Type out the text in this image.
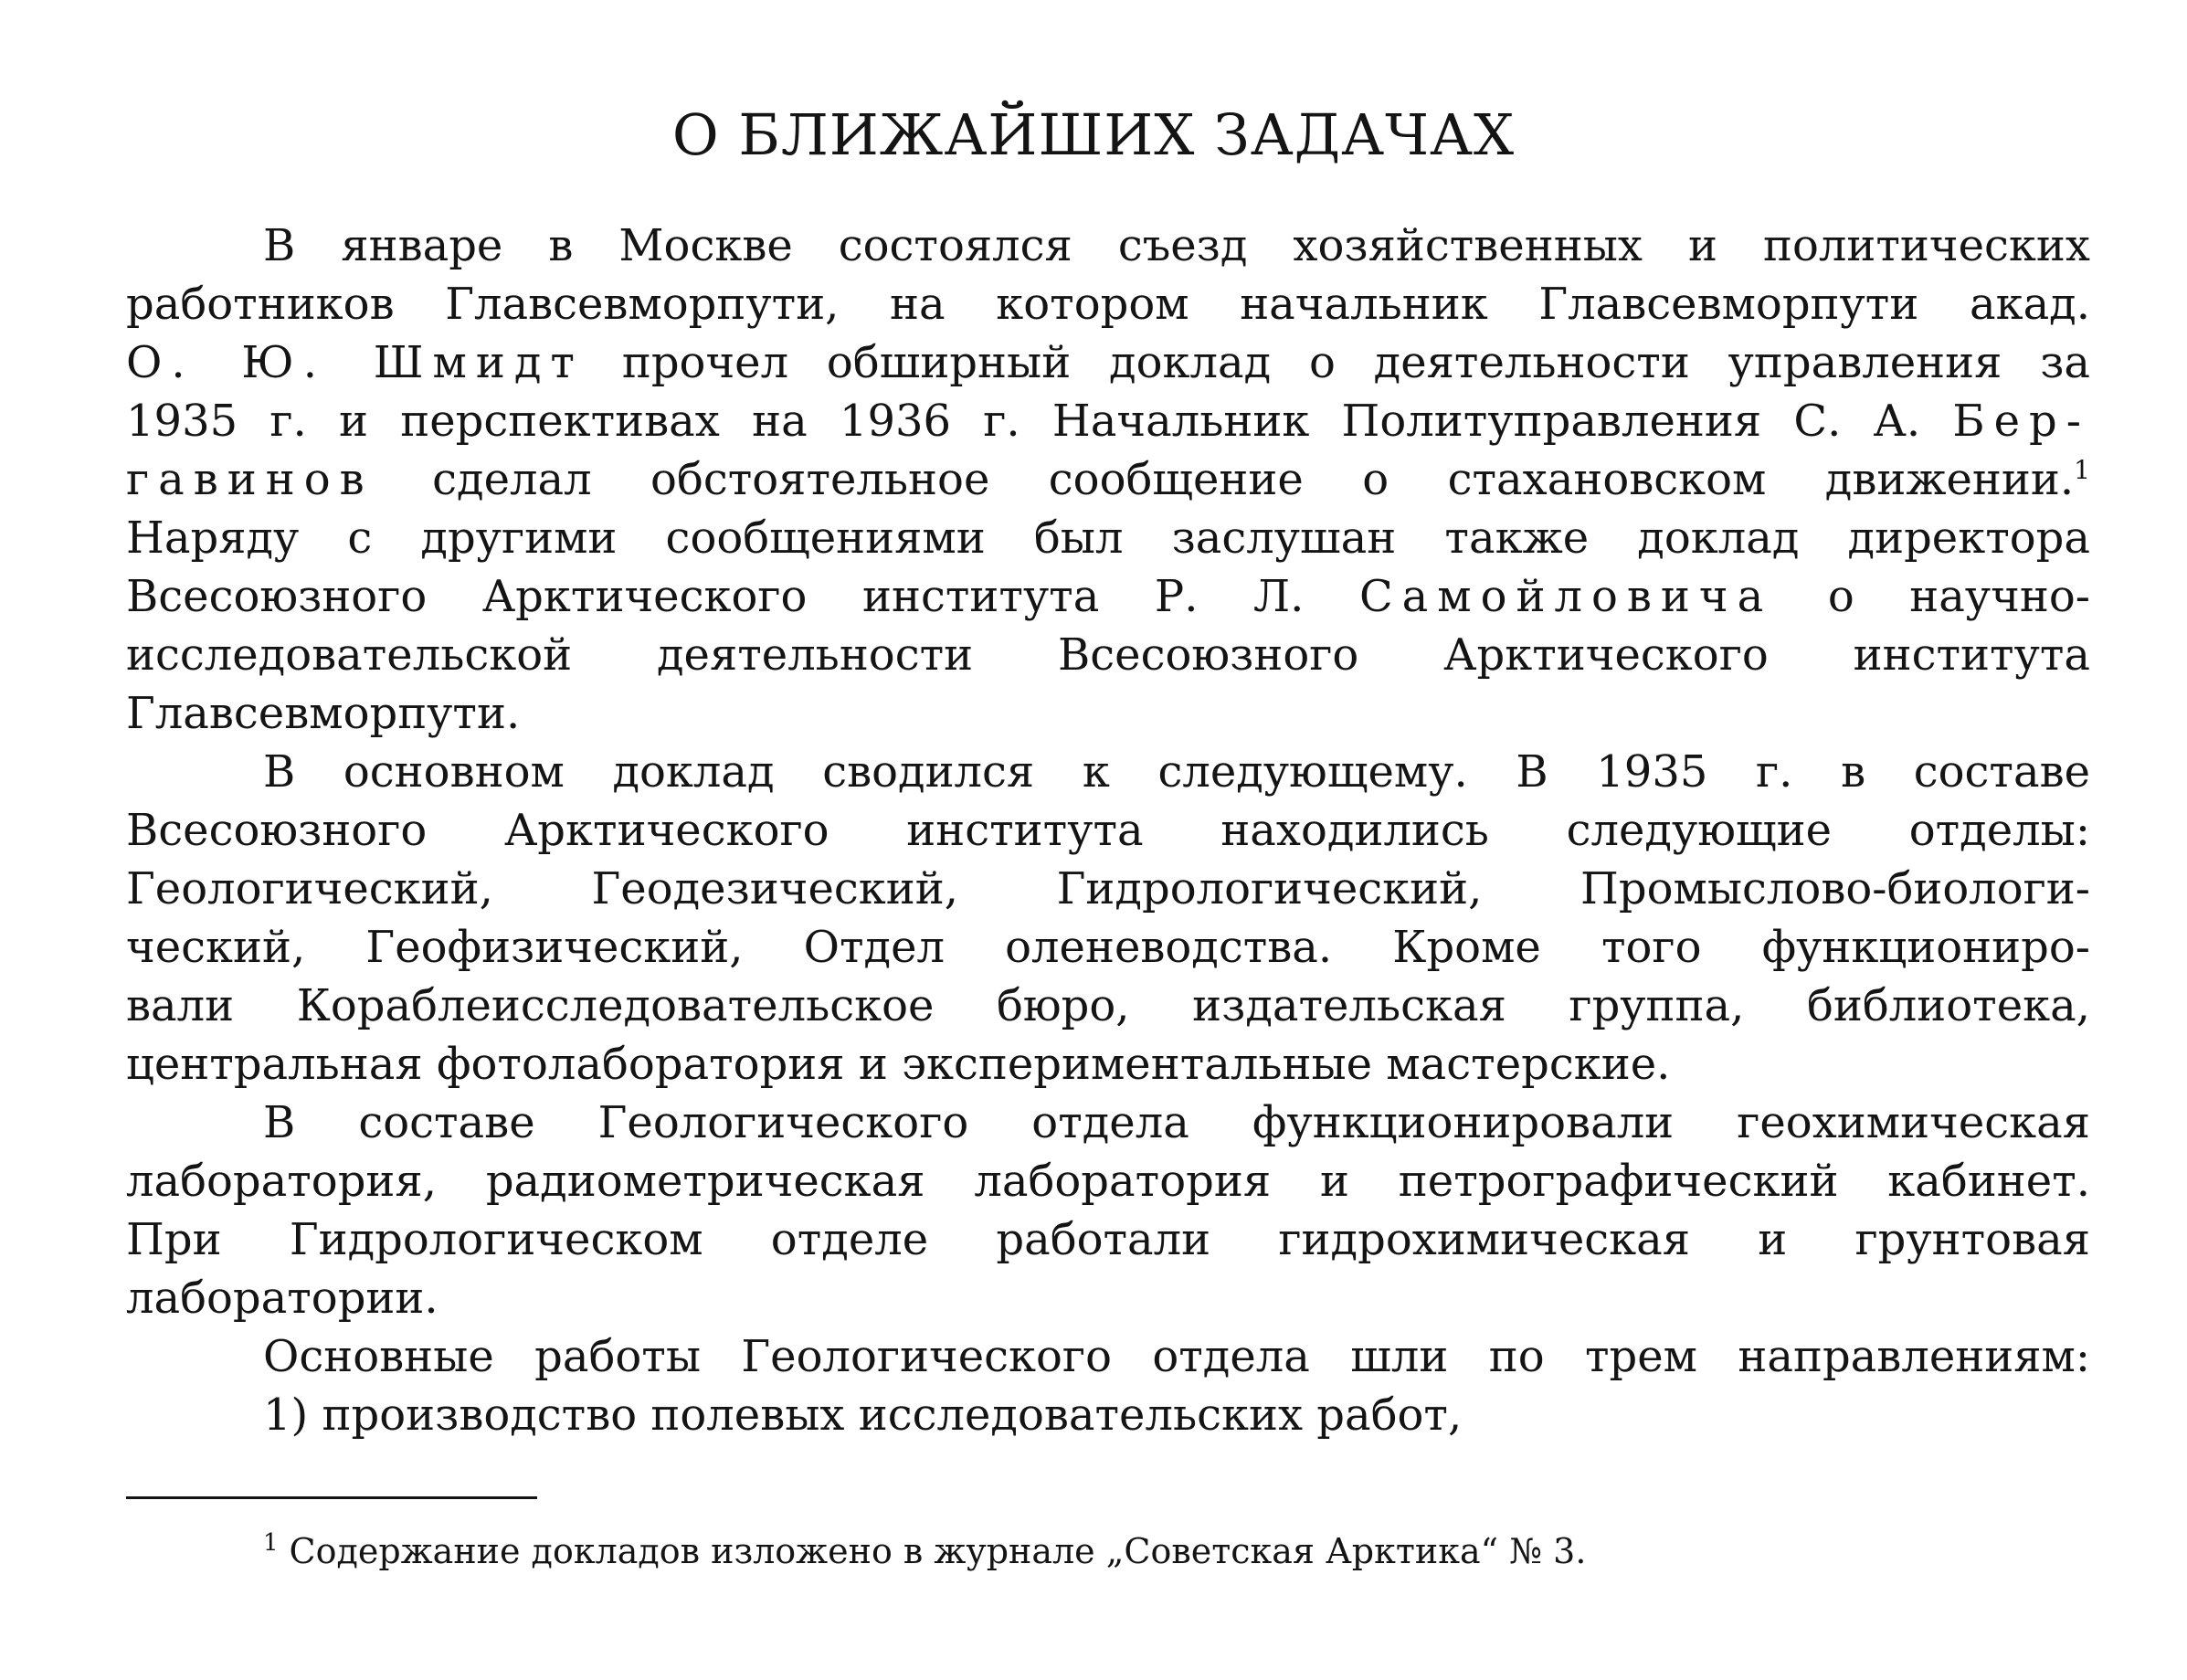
О БЛИЖАЙШИХ ЗАДАЧАХ
В январе в Москве состоялся съезд хозяйственных и политических
работников Главсевморпути, на котором начальник Главсевморпути акад.
О. Ю. Шмидт прочел обширный доклад о деятельности управления за
1935 г. и перспективах на 1936 г. Начальник Политуправления С. А. Бер-
гавинов сделал обстоятельное сообщение о стахановском движении.$^1$
Наряду с другими сообщениями был заслушан также доклад директора
Всесоюзного Арктического института Р. Л. Самойловича о научно-
исследовательской деятельности Всесоюзного Арктического института
Главсевморпути.
В основном доклад сводился к следующему. В 1935 г. в составе
Всесоюзного Арктического института находились следующие отделы:
Геологический, Геодезический, Гидрологический, Промыслово-биологи-
ческий, Геофизический, Отдел оленеводства. Кроме того функциониро-
вали Кораблеисследовательское бюро, издательская группа, библиотека,
центральная фотолаборатория и экспериментальные мастерские.
В составе Геологического отдела функционировали геохимическая
лаборатория, радиометрическая лаборатория и петрографический кабинет.
При Гидрологическом отделе работали гидрохимическая и грунтовая
лаборатории.
Основные работы Геологического отдела шли по трем направлениям:
1) производство полевых исследовательских работ,
$^1$ Содержание докладов изложено в журнале „Советская Арктика“ № 3.
